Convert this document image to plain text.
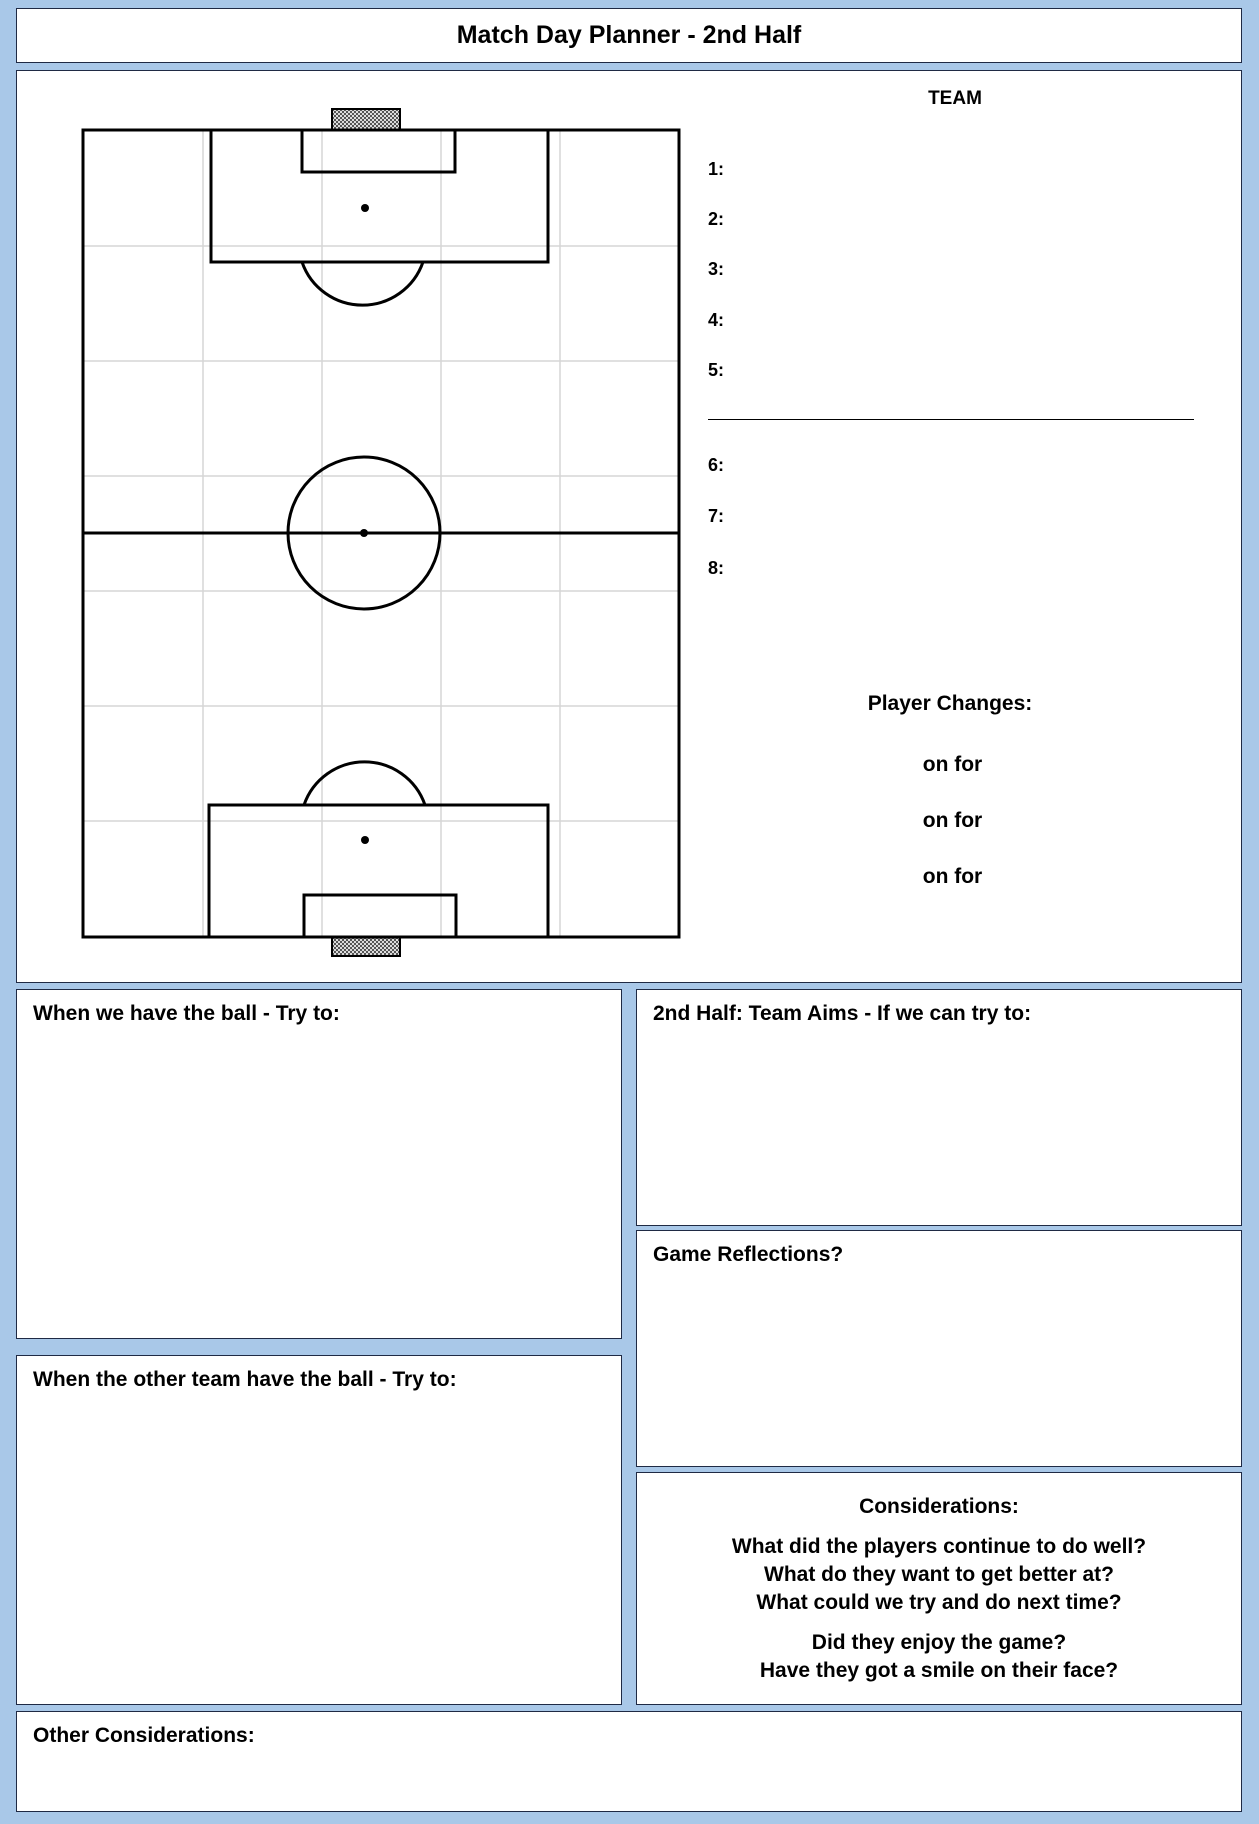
Match Day Planner - 2nd Half
TEAM
1:
2:
3:
4:
5:
6:
7:
8:
Player Changes:
on for
on for
on for
When we have the ball - Try to:
When the other team have the ball - Try to:
2nd Half: Team Aims - If we can try to:
Game Reflections?
Considerations:
What did the players continue to do well?
What do they want to get better at?
What could we try and do next time?
Did they enjoy the game?
Have they got a smile on their face?
Other Considerations:
